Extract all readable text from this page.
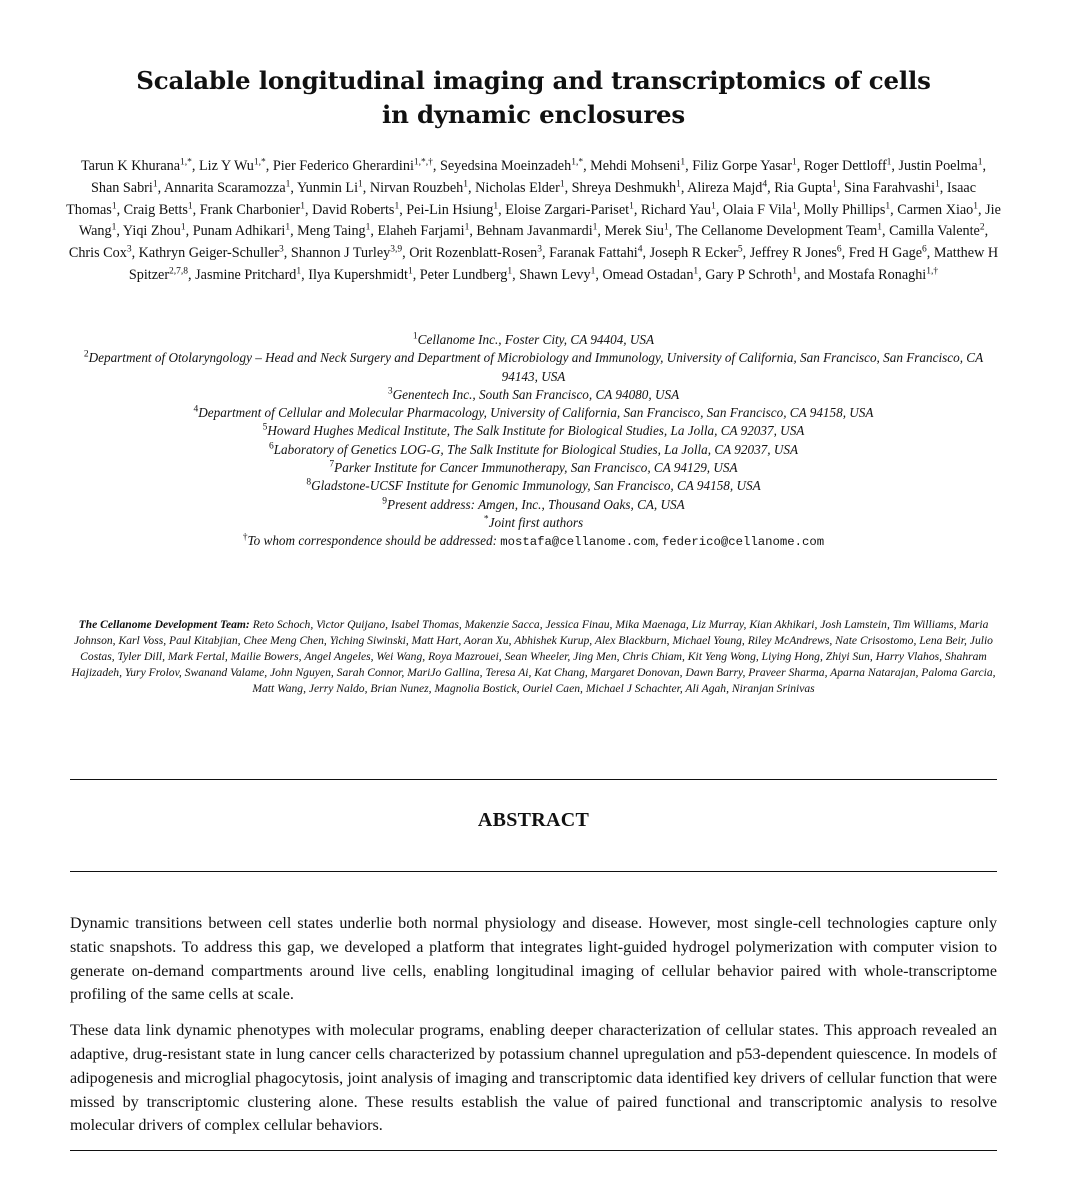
Scalable longitudinal imaging and transcriptomics of cells
in dynamic enclosures
Tarun K Khurana$^{1,*}$, Liz Y $Wu^{1,*}$, Pier Federico Gherardini$^{1,*,\dagger}$, Seyedsina Moeinzadeh$^{1,*}$, Mehdi Mohseni$^1$, Filiz Gorpe Yasar$^1$, Roger Dettloff$^1$, Justin Poelma$^1$, Shan Sabri$^1$, Annarita Scaramozza$^1$, Yunmin Li$^1$, Nirvan Rouzbeh$^1$, Nicholas Elder$^1$, Shreya Deshmukh$^1$, Alireza Majd$^4$, Ria Gupta$^1$, Sina Farahvashi$^1$, Isaac Thomas$^1$, Craig Betts$^1$, Frank Charbonier$^1$, David Roberts$^1$, Pei-Lin Hsiung$^1$, Eloise Zargari-Pariset$^1$, Richard Yau$^1$, Olaia F Vila$^1$, Molly Phillips$^1$, Carmen Xiao$^1$, Jie Wang$^1$, Yiqi Zhou$^1$, Punam Adhikari$^1$, Meng Taing$^1$, Elaheh Farjami$^1$, Behnam Javanmardi$^1$, Merek Siu$^1$, The Cellanome Development Team$^1$, Camilla Valente$^2$, Chris Cox$^3$, Kathryn Geiger-Schuller$^3$, Shannon J Turley$^{3,9}$, Orit Rozenblatt-Rosen$^3$, Faranak Fattahi$^4$, Joseph R Ecker$^5$, Jeffrey R Jones$^6$, Fred H Gage$^6$, Matthew H Spitzer$^{2,7,8}$, Jasmine Pritchard$^1$, Ilya Kupershmidt$^1$, Peter Lundberg$^1$, Shawn Levy$^1$, Omead Ostadan$^1$, Gary P Schroth$^1$, and Mostafa Ronaghi$^{1,\dagger}$
$^1$Cellanome Inc., Foster City, CA 94404, USA
$^2$Department of Otolaryngology – Head and Neck Surgery and Department of Microbiology and Immunology, University of California, San Francisco, San Francisco, CA 94143, USA
$^3$Genentech Inc., South San Francisco, CA 94080, USA
$^4$Department of Cellular and Molecular Pharmacology, University of California, San Francisco, San Francisco, CA 94158, USA
$^5$Howard Hughes Medical Institute, The Salk Institute for Biological Studies, La Jolla, CA 92037, USA
$^6$Laboratory of Genetics LOG-G, The Salk Institute for Biological Studies, La Jolla, CA 92037, USA
$^7$Parker Institute for Cancer Immunotherapy, San Francisco, CA 94129, USA
$^8$Gladstone-UCSF Institute for Genomic Immunology, San Francisco, CA 94158, USA
$^9$Present address: Amgen, Inc., Thousand Oaks, CA, USA
*Joint first authors
†To whom correspondence should be addressed: mostafa@cellanome.com, federico@cellanome.com
The Cellanome Development Team: Reto Schoch, Victor Quijano, Isabel Thomas, Makenzie Sacca, Jessica Finau, Mika Maenaga, Liz Murray, Kian Akhikari, Josh Lamstein, Tim Williams, Maria Johnson, Karl Voss, Paul Kitabjian, Chee Meng Chen, Yiching Siwinski, Matt Hart, Aoran Xu, Abhishek Kurup, Alex Blackburn, Michael Young, Riley McAndrews, Nate Crisostomo, Lena Beir, Julio Costas, Tyler Dill, Mark Fertal, Mailie Bowers, Angel Angeles, Wei Wang, Roya Mazrouei, Sean Wheeler, Jing Men, Chris Chiam, Kit Yeng Wong, Liying Hong, Zhiyi Sun, Harry Vlahos, Shahram Hajizadeh, Yury Frolov, Swanand Valame, John Nguyen, Sarah Connor, MariJo Gallina, Teresa Ai, Kat Chang, Margaret Donovan, Dawn Barry, Praveer Sharma, Aparna Natarajan, Paloma Garcia, Matt Wang, Jerry Naldo, Brian Nunez, Magnolia Bostick, Ouriel Caen, Michael J Schachter, Ali Agah, Niranjan Srinivas
ABSTRACT

Dynamic transitions between cell states underlie both normal physiology and disease. However, most single-cell technologies capture only static snapshots. To address this gap, we developed a platform that integrates light-guided hydrogel polymerization with computer vision to generate on-demand compartments around live cells, enabling longitudinal imaging of cellular behavior paired with whole-transcriptome profiling of the same cells at scale.

These data link dynamic phenotypes with molecular programs, enabling deeper characterization of cellular states. This approach revealed an adaptive, drug-resistant state in lung cancer cells characterized by potassium channel upregulation and p53-dependent quiescence. In models of adipogenesis and microglial phagocytosis, joint analysis of imaging and transcriptomic data identified key drivers of cellular function that were missed by transcriptomic clustering alone. These results establish the value of paired functional and transcriptomic analysis to resolve molecular drivers of complex cellular behaviors.
